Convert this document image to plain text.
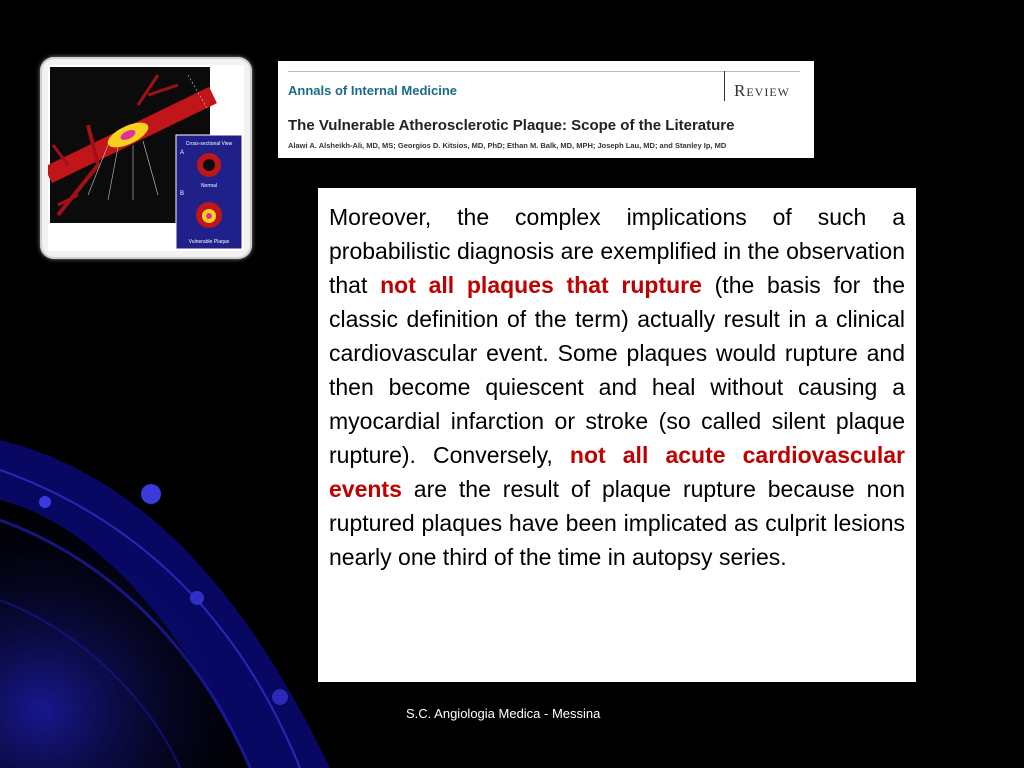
Cross-sectional View
A
Normal
B
Vulnerable Plaque
Annals of Internal Medicine	Review
The Vulnerable Atherosclerotic Plaque: Scope of the Literature
Alawi A. Alsheikh-Ali, MD, MS; Georgios D. Kitsios, MD, PhD; Ethan M. Balk, MD, MPH; Joseph Lau, MD; and Stanley Ip, MD

Moreover, the complex implications of such a probabilistic diagnosis are exemplified in the observation that not all plaques that rupture (the basis for the classic definition of the term) actually result in a clinical cardiovascular event. Some plaques would rupture and then become quiescent and heal without causing a myocardial infarction or stroke (so called silent plaque rupture). Conversely, not all acute cardiovascular events are the result of plaque rupture because non ruptured plaques have been implicated as culprit lesions nearly one third of the time in autopsy series.

S.C. Angiologia Medica - Messina
